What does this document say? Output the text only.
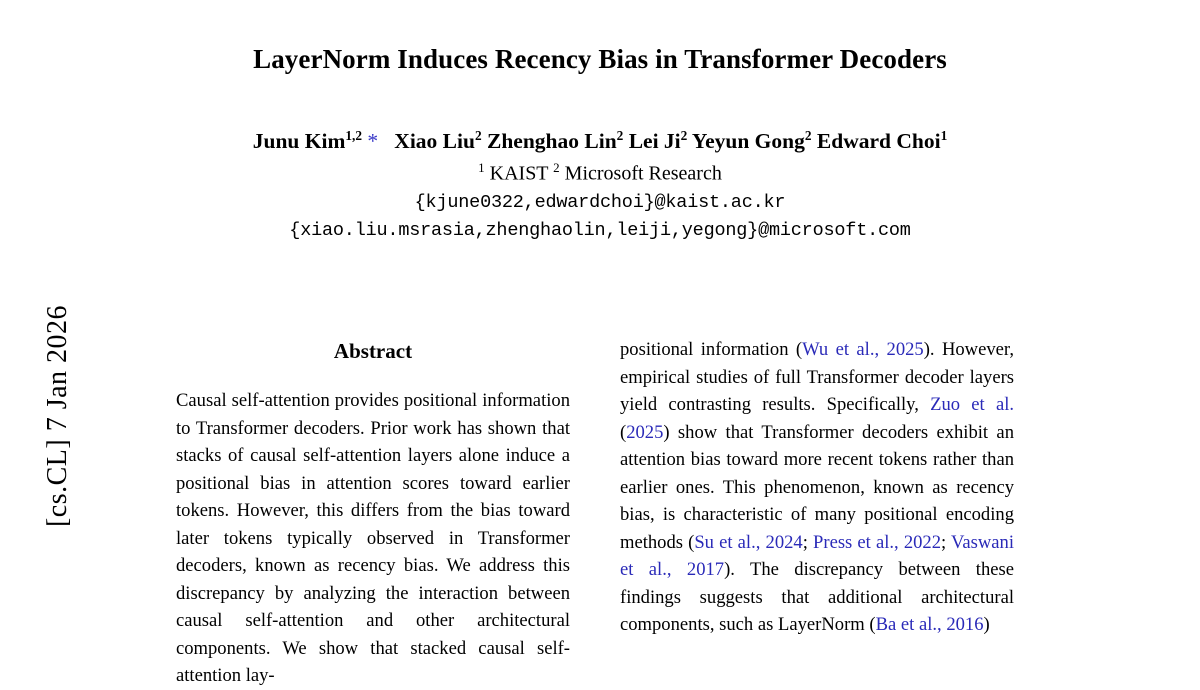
[cs.CL] 7 Jan 2026
LayerNorm Induces Recency Bias in Transformer Decoders
Junu Kim$^{1,2}$ * Xiao Liu$^2$ Zhenghao Lin$^2$ Lei Ji$^2$ Yeyun Gong$^2$ Edward Choi$^1$
$^1$ KAIST $^2$ Microsoft Research
{kjune0322,edwardchoi}@kaist.ac.kr
{xiao.liu.msrasia,zhenghaolin,leiji,yegong}@microsoft.com
Abstract

Causal self-attention provides positional information to Transformer decoders. Prior work has shown that stacks of causal self-attention layers alone induce a positional bias in attention scores toward earlier tokens. However, this differs from the bias toward later tokens typically observed in Transformer decoders, known as recency bias. We address this discrepancy by analyzing the interaction between causal self-attention and other architectural components. We show that stacked causal self-attention lay-

positional information (Wu et al., 2025). However, empirical studies of full Transformer decoder layers yield contrasting results. Specifically, Zuo et al. (2025) show that Transformer decoders exhibit an attention bias toward more recent tokens rather than earlier ones. This phenomenon, known as recency bias, is characteristic of many positional encoding methods (Su et al., 2024; Press et al., 2022; Vaswani et al., 2017). The discrepancy between these findings suggests that additional architectural components, such as LayerNorm (Ba et al., 2016)
